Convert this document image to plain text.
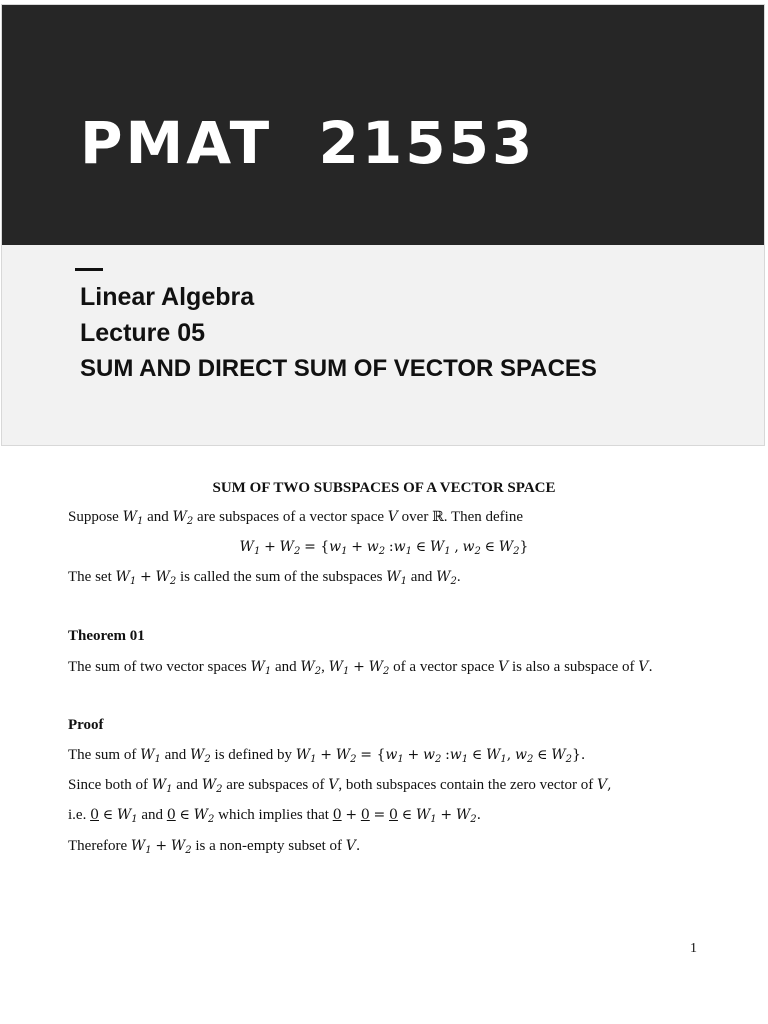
PMAT  21553
Linear Algebra
Lecture 05
SUM AND DIRECT SUM OF VECTOR SPACES

SUM OF TWO SUBSPACES OF A VECTOR SPACE

Suppose $W_1$ and $W_2$ are subspaces of a vector space V over ℝ. Then define

$W_1 + W_2 = \{w_1 + w_2$ $:w_1$ ∈ $W_1$ , $w_2$ ∈ $W_2$}

The set $W_1 + W_2$ is called the sum of the subspaces $W_1$ and $W_2$.

Theorem 01

The sum of two vector spaces $W_1$ and $W_2$, $W_1 + W_2$ of a vector space V is also a subspace of V.

Proof

The sum of $W_1$ and $W_2$ is defined by $W_1 + W_2 = \{w_1 + w_2$ $:w_1$ ∈ $W_1$, $w_2$ ∈ $W_2$}.

Since both of $W_1$ and $W_2$ are subspaces of V, both subspaces contain the zero vector of V,

i.e. 0 ∈ $W_1$ and 0 ∈ $W_2$ which implies that 0 + 0 = 0 ∈ $W_1 + W_2$.

Therefore $W_1 + W_2$ is a non-empty subset of V.

1
